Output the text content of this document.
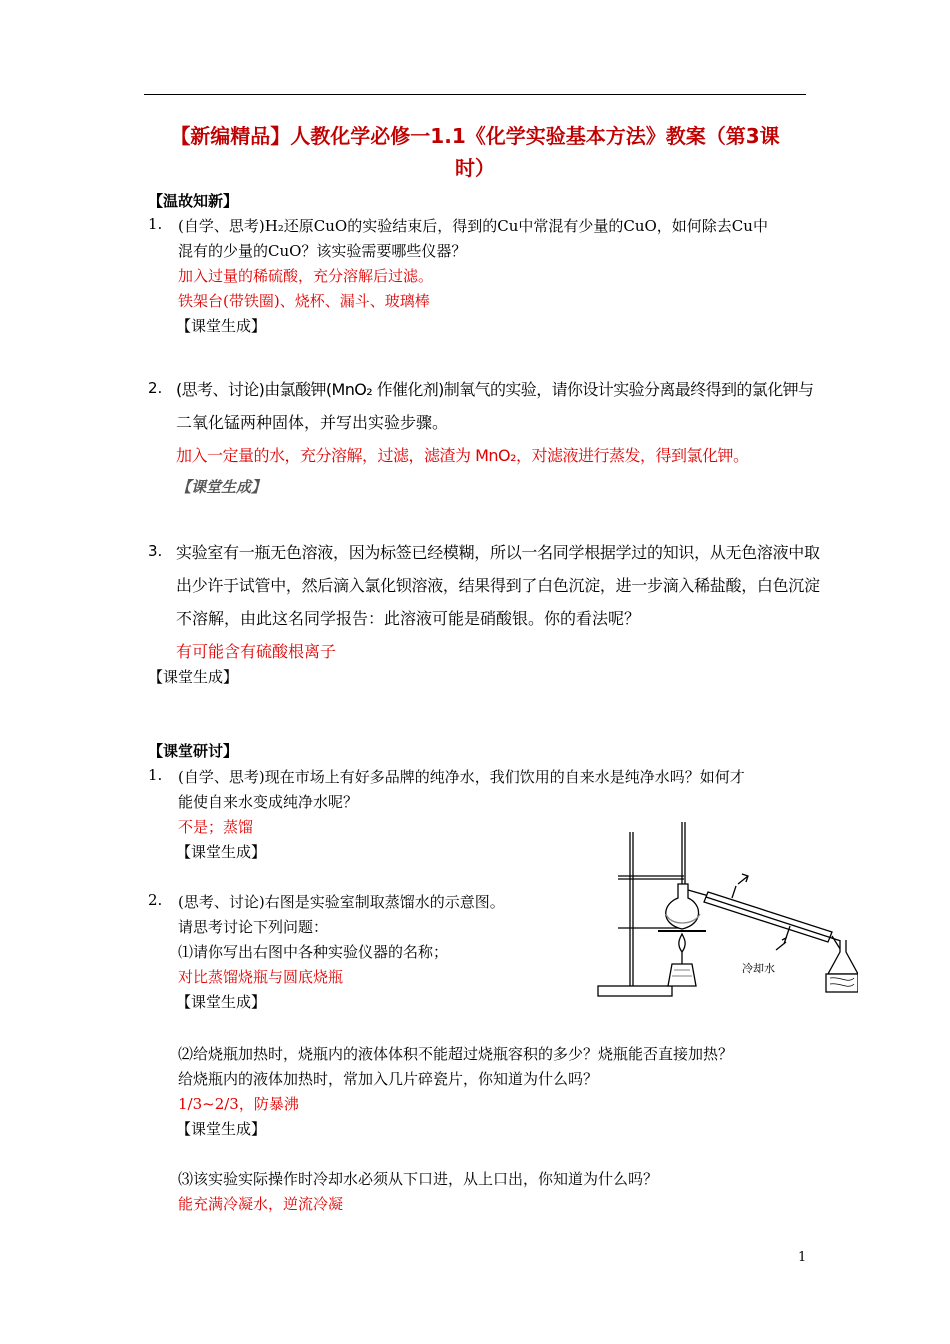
【新编精品】人教化学必修一1.1《化学实验基本方法》教案（第3课
时）
【温故知新】
1. (自学、思考)H₂还原CuO的实验结束后，得到的Cu中常混有少量的CuO，如何除去Cu中
混有的少量的CuO？该实验需要哪些仪器？
加入过量的稀硫酸，充分溶解后过滤。
铁架台(带铁圈)、烧杯、漏斗、玻璃棒
【课堂生成】
2. (思考、讨论)由氯酸钾(MnO₂ 作催化剂)制氧气的实验，请你设计实验分离最终得到的氯化钾与
二氧化锰两种固体，并写出实验步骤。
加入一定量的水，充分溶解，过滤，滤渣为 MnO₂，对滤液进行蒸发，得到氯化钾。
【课堂生成】
3. 实验室有一瓶无色溶液，因为标签已经模糊，所以一名同学根据学过的知识，从无色溶液中取
出少许于试管中，然后滴入氯化钡溶液，结果得到了白色沉淀，进一步滴入稀盐酸，白色沉淀
不溶解，由此这名同学报告：此溶液可能是硝酸银。你的看法呢？
有可能含有硫酸根离子
【课堂生成】
【课堂研讨】
1. (自学、思考)现在市场上有好多品牌的纯净水，我们饮用的自来水是纯净水吗？如何才
能使自来水变成纯净水呢？
不是；蒸馏
【课堂生成】
2. (思考、讨论)右图是实验室制取蒸馏水的示意图。
请思考讨论下列问题：
⑴请你写出右图中各种实验仪器的名称；
对比蒸馏烧瓶与圆底烧瓶
【课堂生成】
⑵给烧瓶加热时，烧瓶内的液体体积不能超过烧瓶容积的多少？烧瓶能否直接加热？
给烧瓶内的液体加热时，常加入几片碎瓷片，你知道为什么吗？
1/3~2/3，防暴沸
【课堂生成】
⑶该实验实际操作时冷却水必须从下口进，从上口出，你知道为什么吗？
能充满冷凝水，逆流冷凝
冷却水
1
